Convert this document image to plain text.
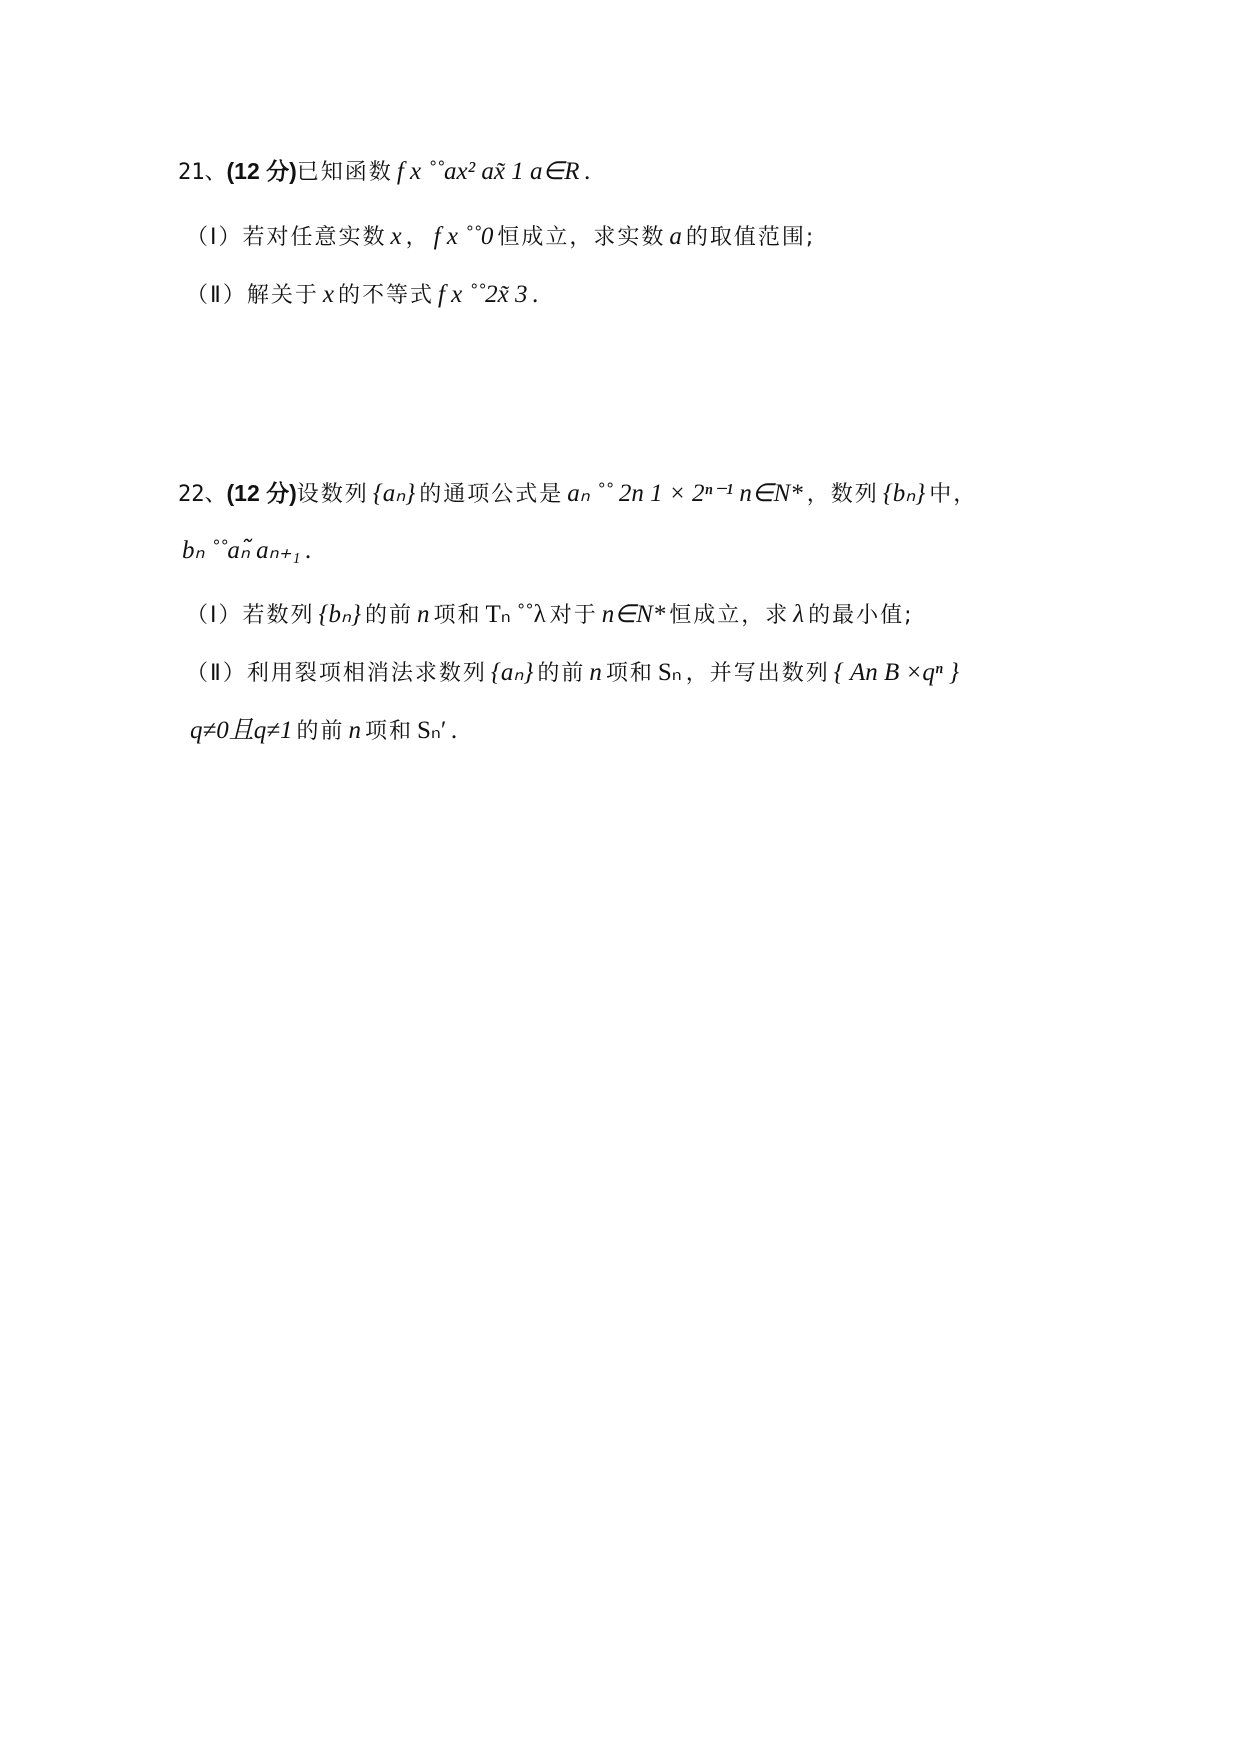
21、(12 分)已知函数 f x ˚˚ax² ax̃ 1 a∈R .
（Ⅰ）若对任意实数 x ， f x ˚˚0 恒成立，求实数 a 的取值范围;
（Ⅱ）解关于 x 的不等式 f x ˚˚2x̃ 3 .
22、(12 分)设数列 {aₙ} 的通项公式是 aₙ ˚˚ 2n 1 × 2ⁿ⁻¹ n∈N* ，数列 {bₙ} 中，
bₙ ˚˚aₙ̃ aₙ₊₁ .
（Ⅰ）若数列 {bₙ} 的前 n 项和 Tₙ ˚˚λ 对于 n∈N* 恒成立，求 λ 的最小值;
（Ⅱ）利用裂项相消法求数列 {aₙ} 的前 n 项和 Sₙ ，并写出数列 { An B ×qⁿ }
q≠0且q≠1 的前 n 项和 Sₙ′ .
